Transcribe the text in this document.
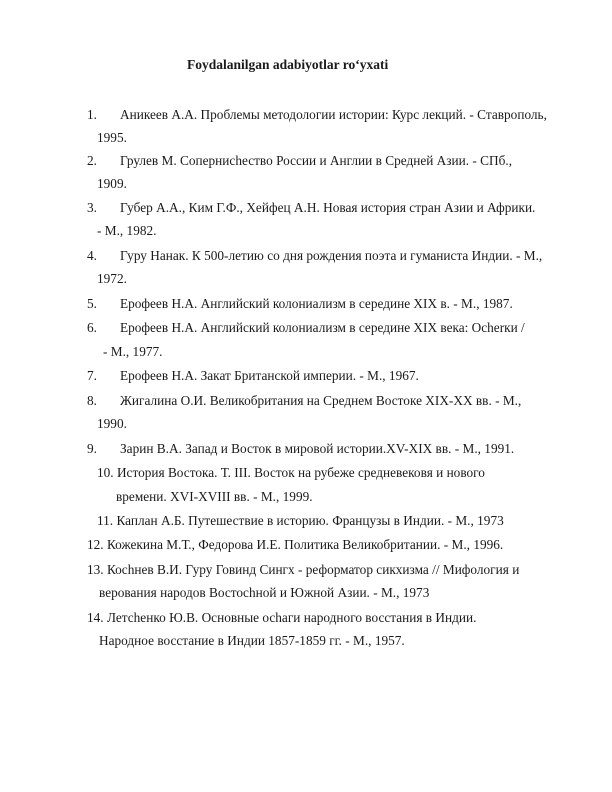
Foydalanilgan adabiyotlar ro‘yxati
1. Аникеев А.А. Проблемы методологии истории: Курс лекций. - Ставрополь,
1995.
2. Грулев М. Сопернисhество России и Англии в Средней Азии. - СПб.,
1909.
3. Губер А.А., Ким Г.Ф., Хейфец А.Н. Новая история стран Азии и Африки.
- М., 1982.
4. Гуру Нанак. К 500-летию со дня рождения поэта и гуманиста Индии. - М.,
1972.
5. Ерофеев Н.А. Английский колониализм в середине XIX в. - М., 1987.
6. Ерофеев Н.А. Английский колониализм в середине XIX века: Осherки /
- М., 1977.
7. Ерофеев Н.А. Закат Британской империи. - М., 1967.
8. Жигалина О.И. Великобритания на Среднем Востоке XIX-XX вв. - М.,
1990.
9. Зарин В.А. Запад и Восток в мировой истории.XV-XIX вв. - М., 1991.
10. История Востока. Т. III. Восток на рубеже средневековя и нового
времени. XVI-XVIII вв. - М., 1999.
11. Каплан А.Б. Путешествие в историю. Французы в Индии. - М., 1973
12. Кожекина М.Т., Федорова И.Е. Политика Великобритании. - М., 1996.
13. Коchнев В.И. Гуру Говинд Сингх - реформатор сикхизма // Мифология и
верования народов Востоchной и Южной Азии. - М., 1973
14. Летсhенко Ю.В. Основные осhаги народного восстания в Индии.
Народное восстание в Индии 1857-1859 гг. - М., 1957.
